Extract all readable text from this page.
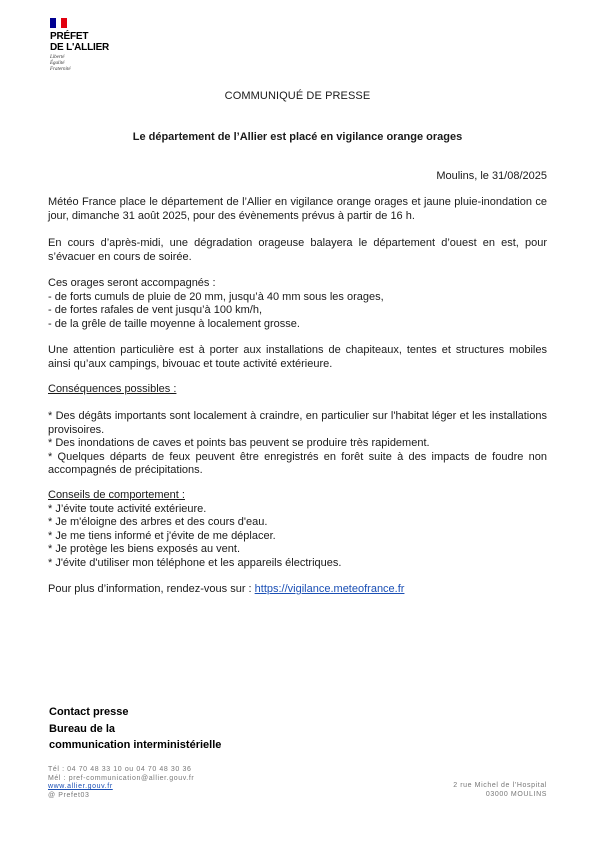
PRÉFET
DE L'ALLIER
Liberté
Égalité
Fraternité
COMMUNIQUÉ DE PRESSE
Le département de l’Allier est placé en vigilance orange orages
Moulins, le 31/08/2025

Météo France place le département de l’Allier en vigilance orange orages et jaune pluie-inondation ce jour, dimanche 31 août 2025, pour des évènements prévus à partir de 16 h.

En cours d’après-midi, une dégradation orageuse balayera le département d’ouest en est, pour s’évacuer en cours de soirée.

Ces orages seront accompagnés :

- de forts cumuls de pluie de 20 mm, jusqu’à 40 mm sous les orages,

- de fortes rafales de vent jusqu’à 100 km/h,

- de la grêle de taille moyenne à localement grosse.

Une attention particulière est à porter aux installations de chapiteaux, tentes et structures mobiles ainsi qu’aux campings, bivouac et toute activité extérieure.

Conséquences possibles :

* Des dégâts importants sont localement à craindre, en particulier sur l'habitat léger et les installations provisoires.

* Des inondations de caves et points bas peuvent se produire très rapidement.

* Quelques départs de feux peuvent être enregistrés en forêt suite à des impacts de foudre non accompagnés de précipitations.

Conseils de comportement :

* J’évite toute activité extérieure.

* Je m'éloigne des arbres et des cours d'eau.

* Je me tiens informé et j'évite de me déplacer.

* Je protège les biens exposés au vent.

* J'évite d'utiliser mon téléphone et les appareils électriques.

Pour plus d’information, rendez-vous sur : https://vigilance.meteofrance.fr

Contact presse
Bureau de la
communication interministérielle
Tél : 04 70 48 33 10 ou 04 70 48 30 36
Mél : pref-communication@allier.gouv.fr
www.allier.gouv.fr
@ Prefet03
2 rue Michel de l’Hospital
03000 MOULINS
